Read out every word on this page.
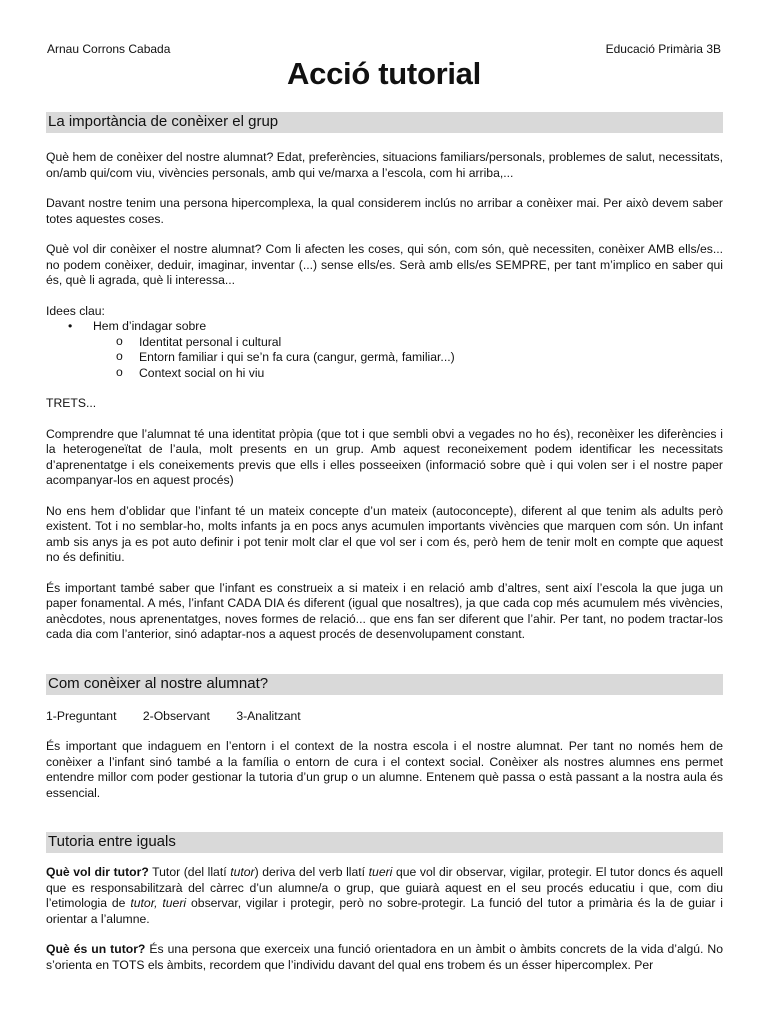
Arnau Corrons Cabada	Educació Primària 3B
Acció tutorial
La importància de conèixer el grup

Què hem de conèixer del nostre alumnat? Edat, preferències, situacions familiars/personals, problemes de salut, necessitats, on/amb qui/com viu, vivències personals, amb qui ve/marxa a l’escola, com hi arriba,...

Davant nostre tenim una persona hipercomplexa, la qual considerem inclús no arribar a conèixer mai. Per això devem saber totes aquestes coses.

Què vol dir conèixer el nostre alumnat? Com li afecten les coses, qui són, com són, què necessiten, conèixer AMB ells/es... no podem conèixer, deduir, imaginar, inventar (...) sense ells/es. Serà amb ells/es SEMPRE, per tant m’implico en saber qui és, què li agrada, què li interessa...

Idees clau:

• Hem d’indagar sobre
o Identitat personal i cultural
o Entorn familiar i qui se’n fa cura (cangur, germà, familiar...)
o Context social on hi viu

TRETS...

Comprendre que l’alumnat té una identitat pròpia (que tot i que sembli obvi a vegades no ho és), reconèixer les diferències i la heterogeneïtat de l’aula, molt presents en un grup. Amb aquest reconeixement podem identificar les necessitats d’aprenentatge i els coneixements previs que ells i elles posseeixen (informació sobre què i qui volen ser i el nostre paper acompanyar-los en aquest procés)

No ens hem d’oblidar que l’infant té un mateix concepte d’un mateix (autoconcepte), diferent al que tenim als adults però existent. Tot i no semblar-ho, molts infants ja en pocs anys acumulen importants vivències que marquen com són. Un infant amb sis anys ja es pot auto definir i pot tenir molt clar el que vol ser i com és, però hem de tenir molt en compte que aquest no és definitiu.

És important també saber que l’infant es construeix a si mateix i en relació amb d’altres, sent així l’escola la que juga un paper fonamental. A més, l’infant CADA DIA és diferent (igual que nosaltres), ja que cada cop més acumulem més vivències, anècdotes, nous aprenentatges, noves formes de relació... que ens fan ser diferent que l’ahir. Per tant, no podem tractar-los cada dia com l’anterior, sinó adaptar-nos a aquest procés de desenvolupament constant.

Com conèixer al nostre alumnat?
1-Preguntant 2-Observant 3-Analitzant

És important que indaguem en l’entorn i el context de la nostra escola i el nostre alumnat. Per tant no només hem de conèixer a l’infant sinó també a la família o entorn de cura i el context social. Conèixer als nostres alumnes ens permet entendre millor com poder gestionar la tutoria d’un grup o un alumne. Entenem què passa o està passant a la nostra aula és essencial.

Tutoria entre iguals

Què vol dir tutor? Tutor (del llatí tutor) deriva del verb llatí tueri que vol dir observar, vigilar, protegir. El tutor doncs és aquell que es responsabilitzarà del càrrec d’un alumne/a o grup, que guiarà aquest en el seu procés educatiu i que, com diu l’etimologia de tutor, tueri observar, vigilar i protegir, però no sobre-protegir. La funció del tutor a primària és la de guiar i orientar a l’alumne.

Què és un tutor? És una persona que exerceix una funció orientadora en un àmbit o àmbits concrets de la vida d’algú. No s’orienta en TOTS els àmbits, recordem que l’individu davant del qual ens trobem és un ésser hipercomplex. Per
